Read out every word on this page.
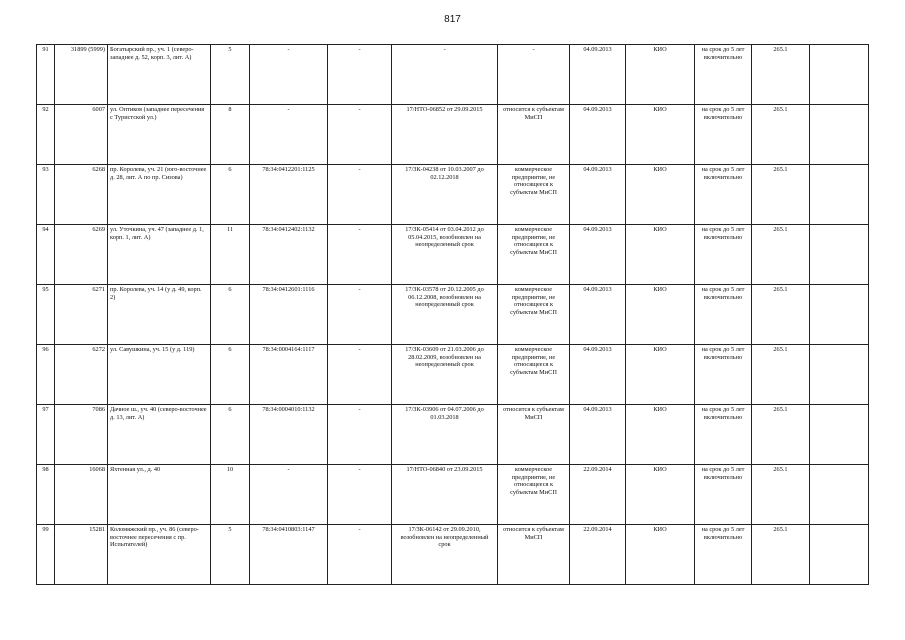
817
91	31899 (5999)	Богатырский пр., уч. 1 (северо-западнее д. 52, корп. 3, лит. А)	5	-	-	-	-	04.09.2013	КИО	на срок до 5 лет включительно	265.1	
92	6007	ул. Оптиков (западнее пересечения с Туристской ул.)	8	-	-	17/НТО-06852 от 29.09.2015	относится к субъектам МиСП	04.09.2013	КИО	на срок до 5 лет включительно	265.1	
93	6268	пр. Королева, уч. 21 (юго-восточнее д. 28, лит. А по пр. Сизова)	6	78:34:0412201:1125	-	17/ЗК-04238 от 10.03.2007 до 02.12.2018	коммерческое предприятие, не относящееся к субъектам МиСП	04.09.2013	КИО	на срок до 5 лет включительно	265.1	
94	6269	ул. Уточкина, уч. 47 (западнее д. 1, корп. 1, лит. А)	11	78:34:0412402:1132	-	17/ЗК-05414 от 03.04.2012 до 05.04.2015, возобновлен на неопределенный срок	коммерческое предприятие, не относящееся к субъектам МиСП	04.09.2013	КИО	на срок до 5 лет включительно	265.1	
95	6271	пр. Королева, уч. 14 (у д. 49, корп. 2)	6	78:34:0412601:1116	-	17/ЗК-03578 от 20.12.2005 до 06.12.2008, возобновлен на неопределенный срок	коммерческое предприятие, не относящееся к субъектам МиСП	04.09.2013	КИО	на срок до 5 лет включительно	265.1	
96	6272	ул. Савушкина, уч. 15 (у д. 119)	6	78:34:0004164:1117	-	17/ЗК-03609 от 21.03.2006 до 28.02.2009, возобновлен на неопределенный срок	коммерческое предприятие, не относящееся к субъектам МиСП	04.09.2013	КИО	на срок до 5 лет включительно	265.1	
97	7086	Дачное ш., уч. 40 (северо-восточнее д. 13, лит. А)	6	78:34:0004010:1132	-	17/ЗК-03906 от 04.07.2006 до 01.03.2018	относится к субъектам МиСП	04.09.2013	КИО	на срок до 5 лет включительно	265.1	
98	16068	Яхтенная ул., д. 40	10	-	-	17/НТО-06840 от 23.09.2015	коммерческое предприятие, не относящееся к субъектам МиСП	22.09.2014	КИО	на срок до 5 лет включительно	265.1	
99	15281	Коломяжский пр., уч. 86 (северо-восточнее пересечения с пр. Испытателей)	5	78:34:0410803:1147	-	17/ЗК-06142 от 29.09.2010, возобновлен на неопределенный срок	относится к субъектам МиСП	22.09.2014	КИО	на срок до 5 лет включительно	265.1	
